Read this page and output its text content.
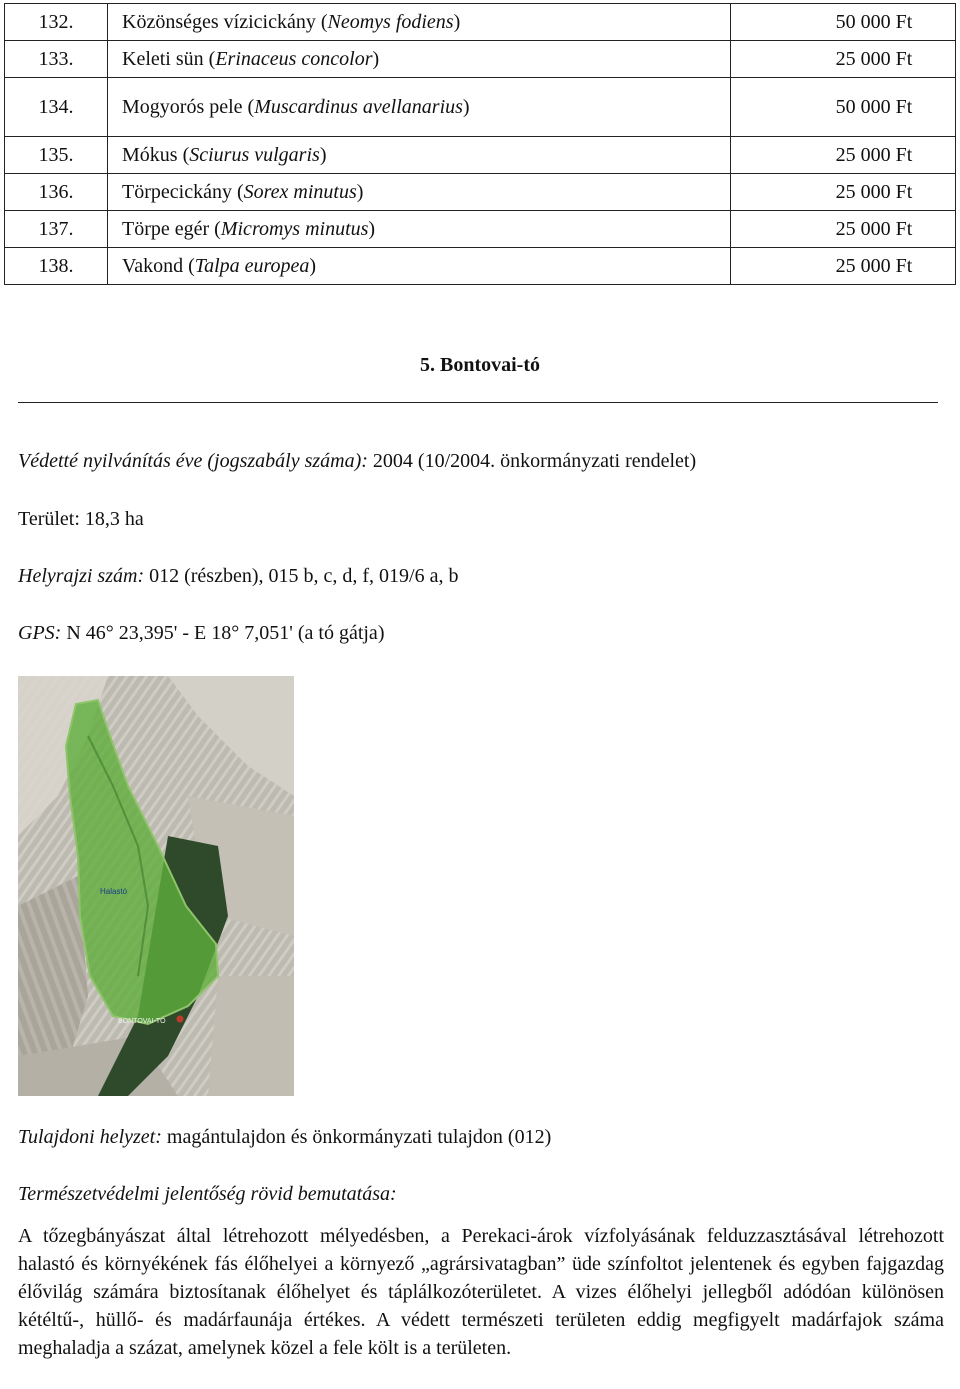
132.	Közönséges vízicickány (Neomys fodiens)	50 000 Ft
133.	Keleti sün (Erinaceus concolor)	25 000 Ft
134.	Mogyorós pele (Muscardinus avellanarius)	50 000 Ft
135.	Mókus (Sciurus vulgaris)	25 000 Ft
136.	Törpecickány (Sorex minutus)	25 000 Ft
137.	Törpe egér (Micromys minutus)	25 000 Ft
138.	Vakond (Talpa europea)	25 000 Ft
5. Bontovai-tó
Védetté nyilvánítás éve (jogszabály száma): 2004 (10/2004. önkormányzati rendelet)
Terület: 18,3 ha
Helyrajzi szám: 012 (részben), 015 b, c, d, f, 019/6 a, b
GPS: N 46° 23,395' - E 18° 7,051' (a tó gátja)
Halastó
BONTOVAI-TÓ
Tulajdoni helyzet: magántulajdon és önkormányzati tulajdon (012)
Természetvédelmi jelentőség rövid bemutatása:
A tőzegbányászat által létrehozott mélyedésben, a Perekaci-árok vízfolyásának felduzzasztásával létrehozott halastó és környékének fás élőhelyei a környező „agrársivatagban” üde színfoltot jelentenek és egyben fajgazdag élővilág számára biztosítanak élőhelyet és táplálkozóterületet. A vizes élőhelyi jellegből adódóan különösen kétéltű-, hüllő- és madárfaunája értékes. A védett természeti területen eddig megfigyelt madárfajok száma meghaladja a százat, amelynek közel a fele költ is a területen.
